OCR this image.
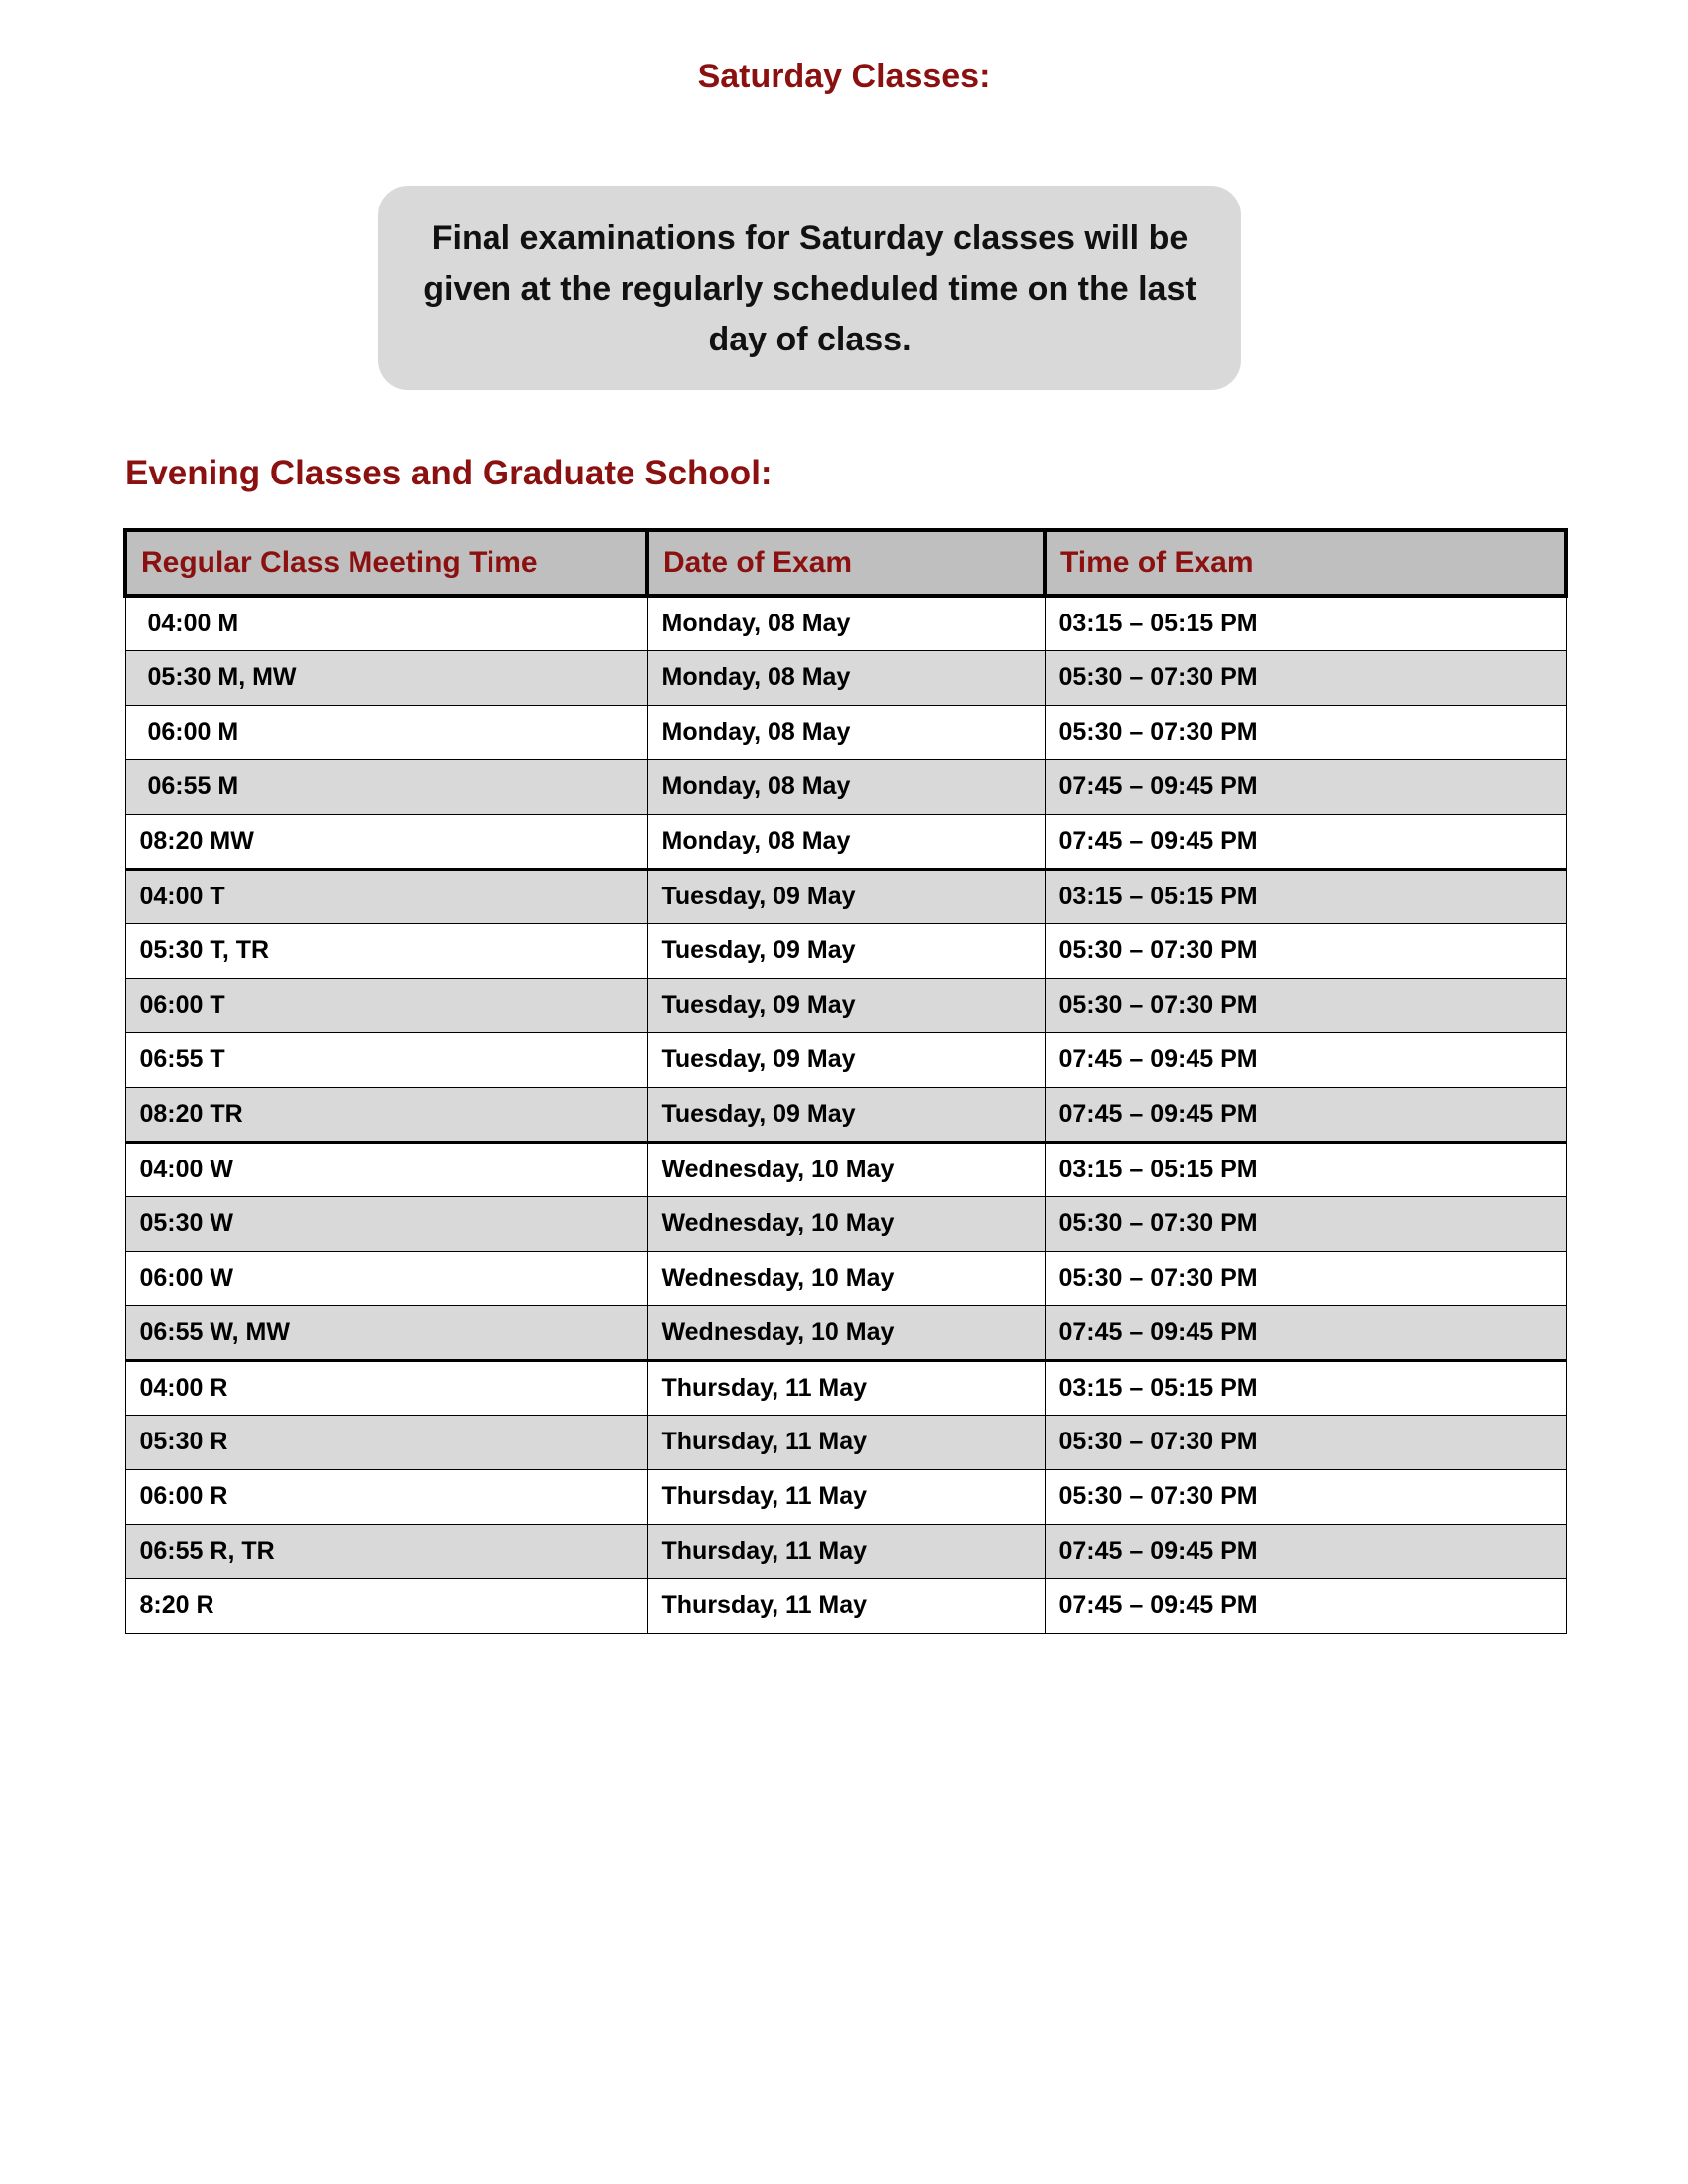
Saturday Classes:
Final examinations for Saturday classes will be given at the regularly scheduled time on the last day of class.
Evening Classes and Graduate School:
Regular Class Meeting Time	Date of Exam	Time of Exam
04:00 M	Monday, 08 May	03:15 – 05:15 PM
05:30 M, MW	Monday, 08 May	05:30 – 07:30 PM
06:00 M	Monday, 08 May	05:30 – 07:30 PM
06:55 M	Monday, 08 May	07:45 – 09:45 PM
08:20 MW	Monday, 08 May	07:45 – 09:45 PM
04:00 T	Tuesday, 09 May	03:15 – 05:15 PM
05:30 T, TR	Tuesday, 09 May	05:30 – 07:30 PM
06:00 T	Tuesday, 09 May	05:30 – 07:30 PM
06:55 T	Tuesday, 09 May	07:45 – 09:45 PM
08:20 TR	Tuesday, 09 May	07:45 – 09:45 PM
04:00 W	Wednesday, 10 May	03:15 – 05:15 PM
05:30 W	Wednesday, 10 May	05:30 – 07:30 PM
06:00 W	Wednesday, 10 May	05:30 – 07:30 PM
06:55 W, MW	Wednesday, 10 May	07:45 – 09:45 PM
04:00 R	Thursday, 11 May	03:15 – 05:15 PM
05:30 R	Thursday, 11 May	05:30 – 07:30 PM
06:00 R	Thursday, 11 May	05:30 – 07:30 PM
06:55 R, TR	Thursday, 11 May	07:45 – 09:45 PM
8:20 R	Thursday, 11 May	07:45 – 09:45 PM
